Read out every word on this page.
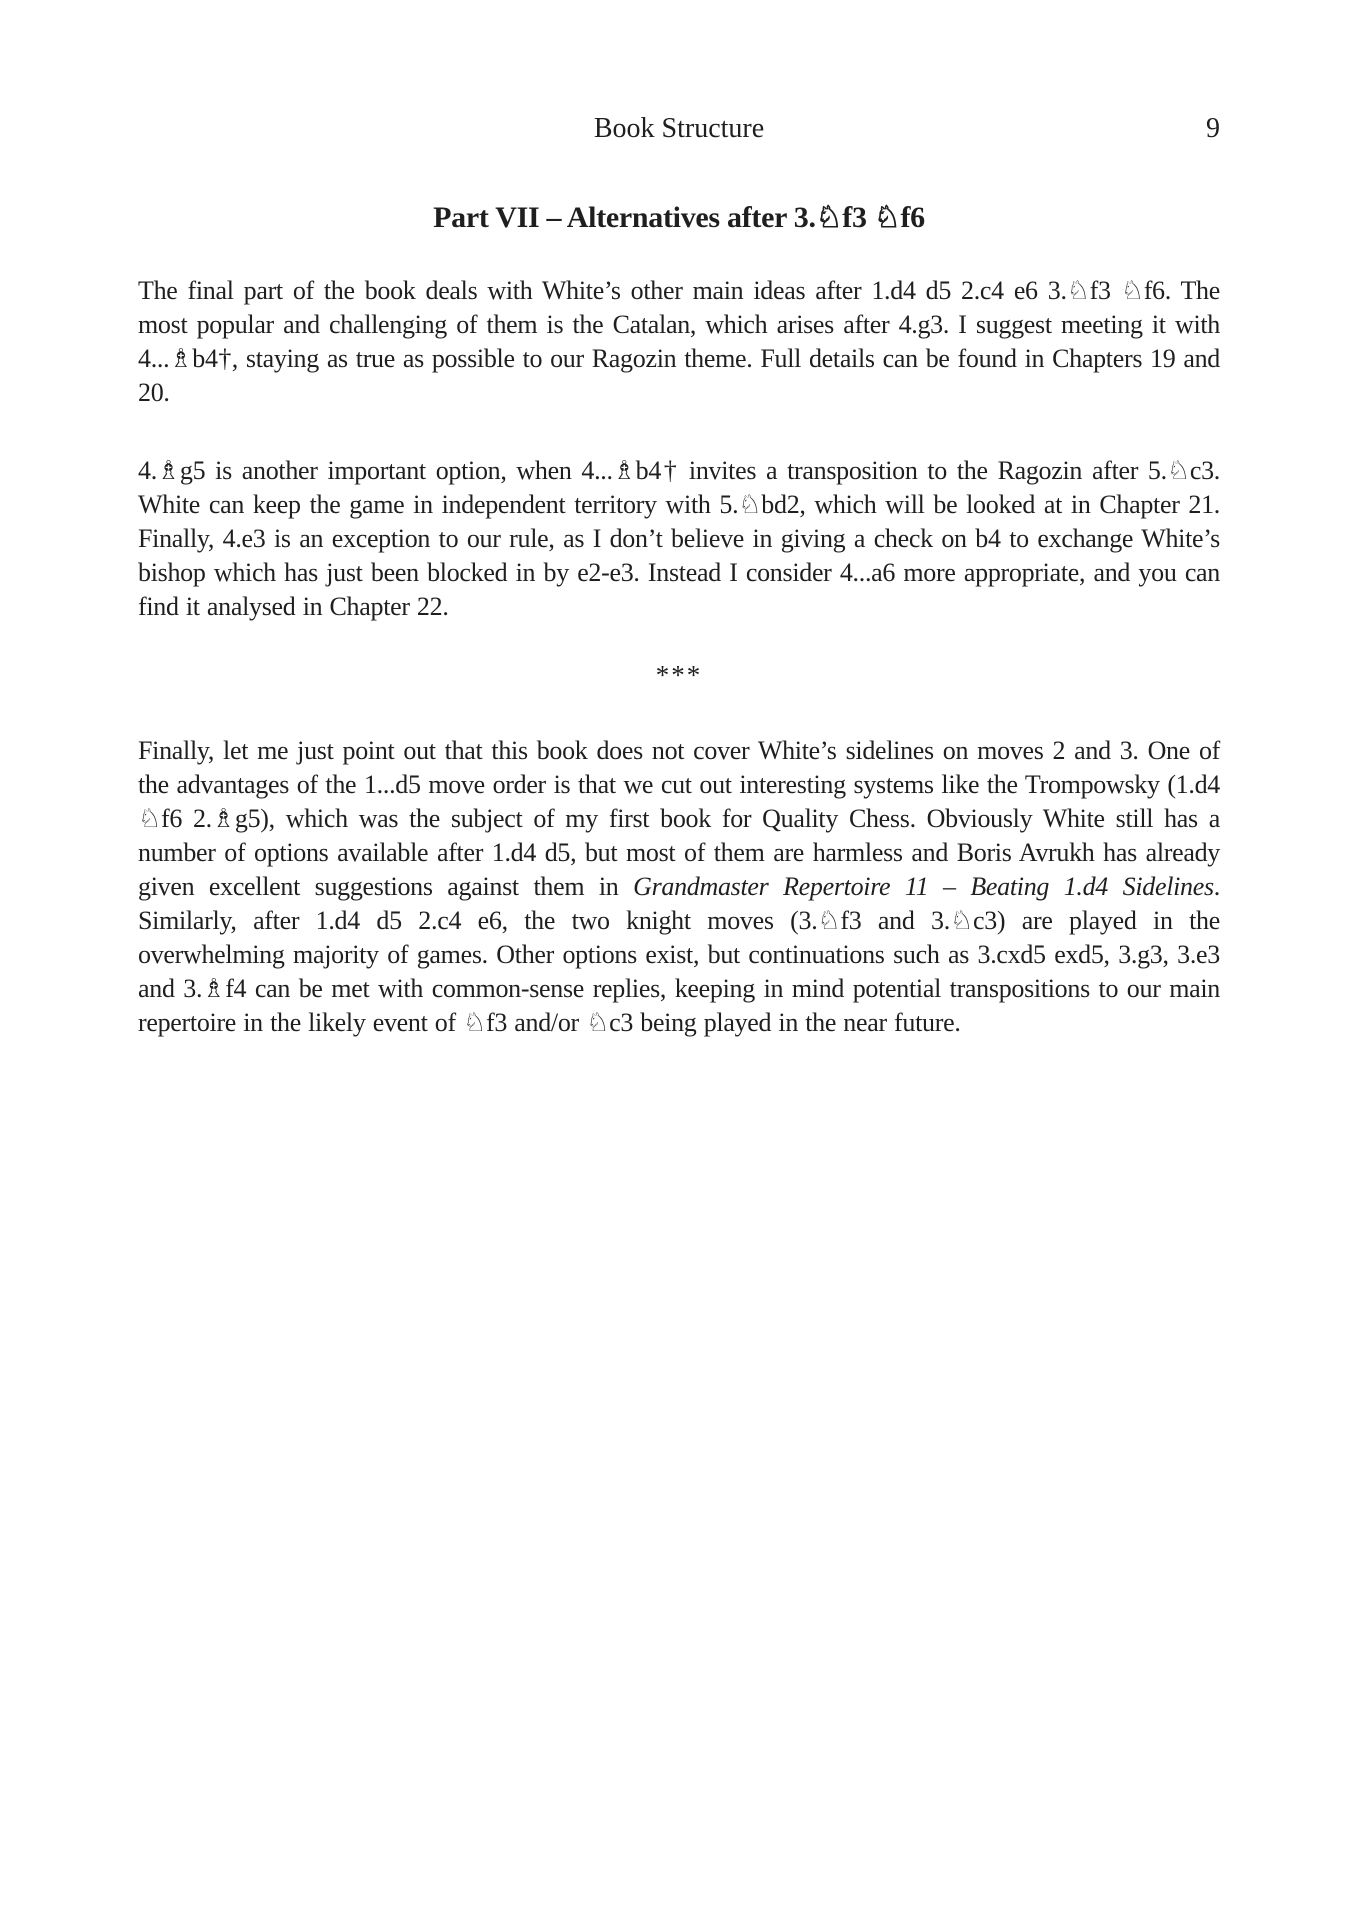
Book Structure	9
Part VII – Alternatives after 3.♘f3 ♘f6

The final part of the book deals with White’s other main ideas after 1.d4 d5 2.c4 e6 3.♘f3 ♘f6. The most popular and challenging of them is the Catalan, which arises after 4.g3. I suggest meeting it with 4...♗b4†, staying as true as possible to our Ragozin theme. Full details can be found in Chapters 19 and 20.

4.♗g5 is another important option, when 4...♗b4† invites a transposition to the Ragozin after 5.♘c3. White can keep the game in independent territory with 5.♘bd2, which will be looked at in Chapter 21. Finally, 4.e3 is an exception to our rule, as I don’t believe in giving a check on b4 to exchange White’s bishop which has just been blocked in by e2-e3. Instead I consider 4...a6 more appropriate, and you can find it analysed in Chapter 22.

***

Finally, let me just point out that this book does not cover White’s sidelines on moves 2 and 3. One of the advantages of the 1...d5 move order is that we cut out interesting systems like the Trompowsky (1.d4 ♘f6 2.♗g5), which was the subject of my first book for Quality Chess. Obviously White still has a number of options available after 1.d4 d5, but most of them are harmless and Boris Avrukh has already given excellent suggestions against them in Grandmaster Repertoire 11 – Beating 1.d4 Sidelines. Similarly, after 1.d4 d5 2.c4 e6, the two knight moves (3.♘f3 and 3.♘c3) are played in the overwhelming majority of games. Other options exist, but continuations such as 3.cxd5 exd5, 3.g3, 3.e3 and 3.♗f4 can be met with common-sense replies, keeping in mind potential transpositions to our main repertoire in the likely event of ♘f3 and/or ♘c3 being played in the near future.
